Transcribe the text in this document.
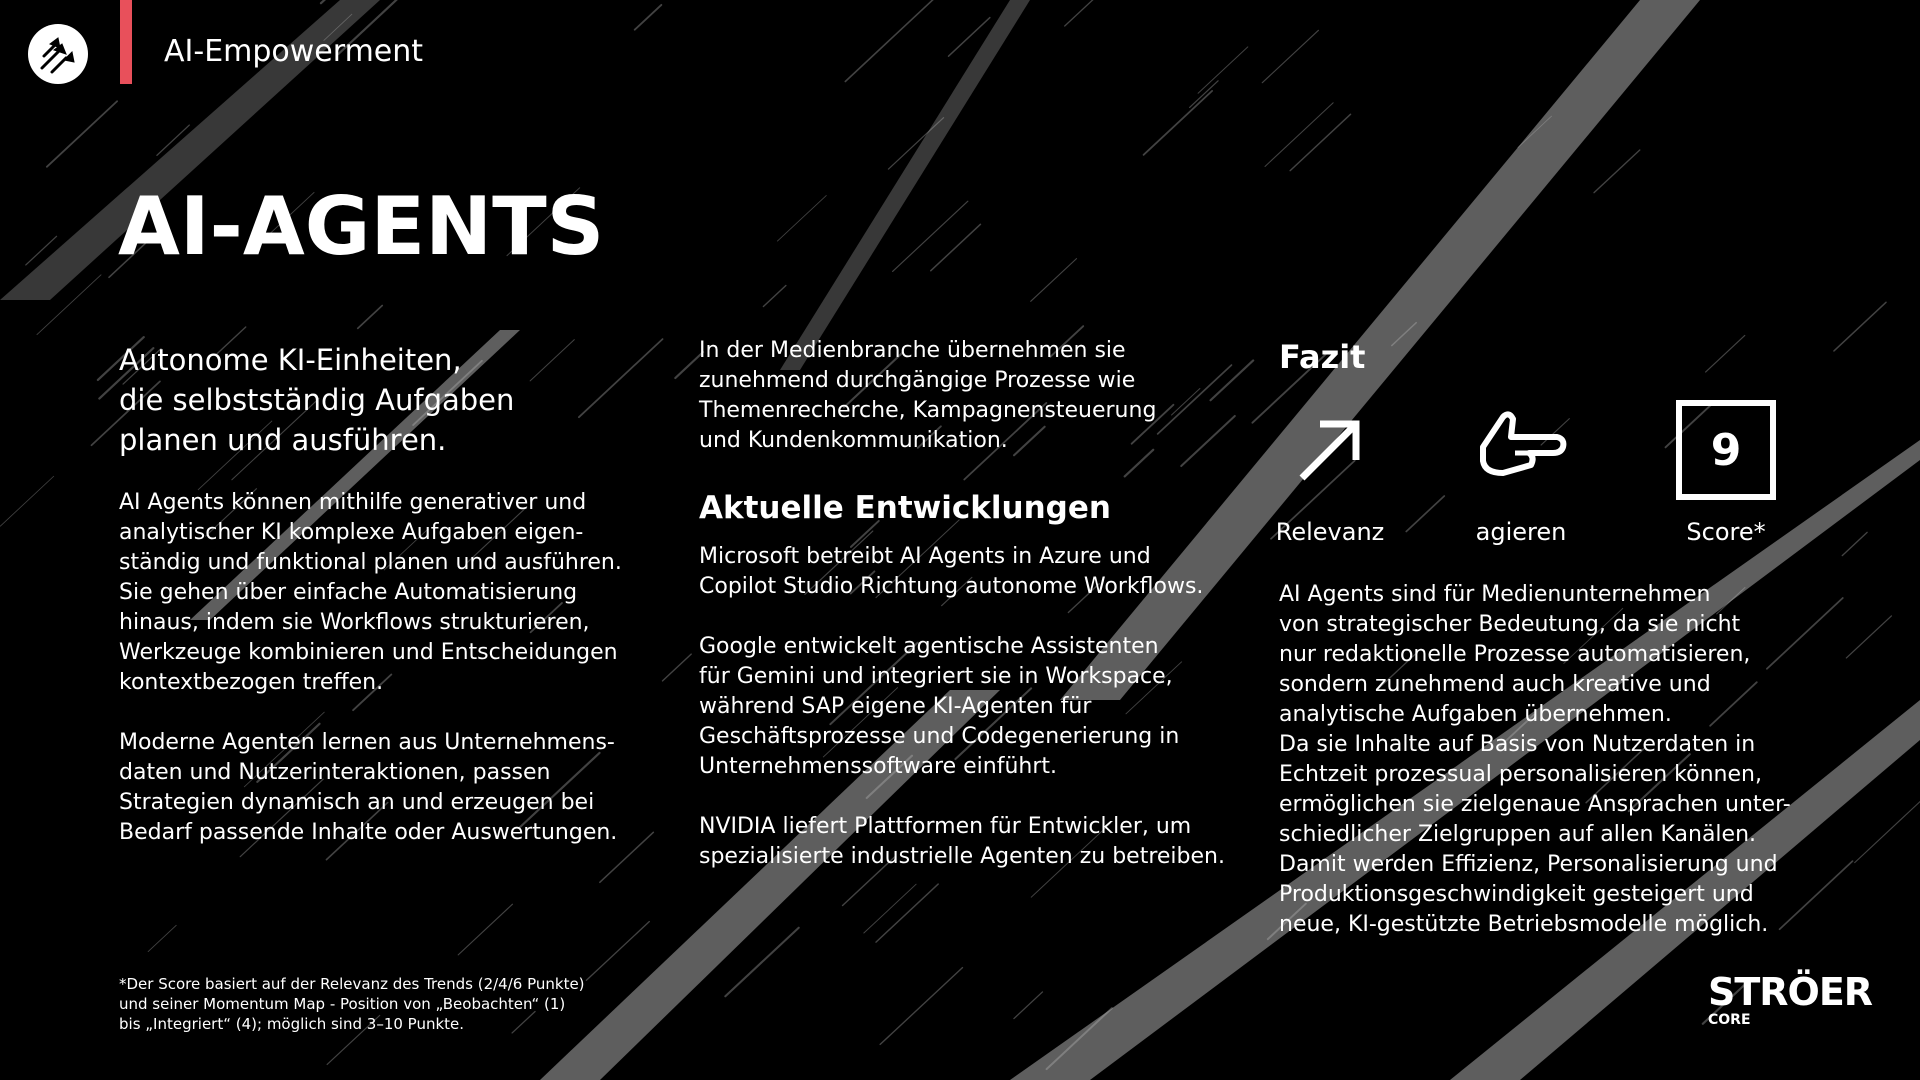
AI-Empowerment
AI-AGENTS
Autonome KI-Einheiten,
die selbstständig Aufgaben
planen und ausführen.
AI Agents können mithilfe generativer und
analytischer KI komplexe Aufgaben eigen-
ständig und funktional planen und ausführen.
Sie gehen über einfache Automatisierung
hinaus, indem sie Workflows strukturieren,
Werkzeuge kombinieren und Entscheidungen
kontextbezogen treffen.
Moderne Agenten lernen aus Unternehmens-
daten und Nutzerinteraktionen, passen
Strategien dynamisch an und erzeugen bei
Bedarf passende Inhalte oder Auswertungen.
In der Medienbranche übernehmen sie
zunehmend durchgängige Prozesse wie
Themenrecherche, Kampagnensteuerung
und Kundenkommunikation.
Aktuelle Entwicklungen
Microsoft betreibt AI Agents in Azure und
Copilot Studio Richtung autonome Workflows.
Google entwickelt agentische Assistenten
für Gemini und integriert sie in Workspace,
während SAP eigene KI-Agenten für
Geschäftsprozesse und Codegenerierung in
Unternehmenssoftware einführt.
NVIDIA liefert Plattformen für Entwickler, um
spezialisierte industrielle Agenten zu betreiben.
Fazit
Relevanz	agieren
9
Score*
AI Agents sind für Medienunternehmen
von strategischer Bedeutung, da sie nicht
nur redaktionelle Prozesse automatisieren,
sondern zunehmend auch kreative und
analytische Aufgaben übernehmen.
Da sie Inhalte auf Basis von Nutzerdaten in
Echtzeit prozessual personalisieren können,
ermöglichen sie zielgenaue Ansprachen unter-
schiedlicher Zielgruppen auf allen Kanälen.
Damit werden Effizienz, Personalisierung und
Produktionsgeschwindigkeit gesteigert und
neue, KI-gestützte Betriebsmodelle möglich.
*Der Score basiert auf der Relevanz des Trends (2/4/6 Punkte)
und seiner Momentum Map - Position von „Beobachten“ (1)
bis „Integriert“ (4); möglich sind 3–10 Punkte.
STRÖER
CORE
